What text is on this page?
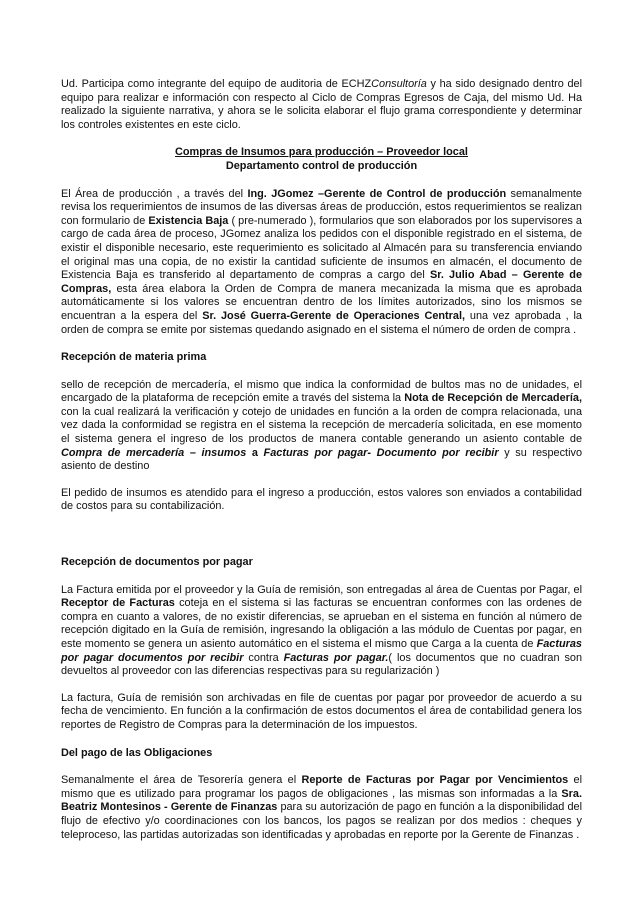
Ud. Participa como integrante del equipo de auditoria de ECHZConsultoría y ha sido designado dentro del equipo para realizar e información con respecto al Ciclo de Compras Egresos de Caja, del mismo Ud. Ha realizado la siguiente narrativa, y ahora se le solicita elaborar el flujo grama correspondiente y determinar los controles existentes en este ciclo.

Compras de Insumos para producción – Proveedor local
Departamento control de producción

El Área de producción , a través del Ing. JGomez –Gerente de Control de producción semanalmente revisa los requerimientos de insumos de las diversas áreas de producción, estos requerimientos se realizan con formulario de Existencia Baja ( pre-numerado ), formularios que son elaborados por los supervisores a cargo de cada área de proceso, JGomez analiza los pedidos con el disponible registrado en el sistema, de existir el disponible necesario, este requerimiento es solicitado al Almacén para su transferencia enviando el original mas una copia, de no existir la cantidad suficiente de insumos en almacén, el documento de Existencia Baja es transferido al departamento de compras a cargo del Sr. Julio Abad – Gerente de Compras, esta área elabora la Orden de Compra de manera mecanizada la misma que es aprobada automáticamente si los valores se encuentran dentro de los límites autorizados, sino los mismos se encuentran a la espera del Sr. José Guerra-Gerente de Operaciones Central, una vez aprobada , la orden de compra se emite por sistemas quedando asignado en el sistema el número de orden de compra .

Recepción de materia prima

sello de recepción de mercadería, el mismo que indica la conformidad de bultos mas no de unidades, el encargado de la plataforma de recepción emite a través del sistema la Nota de Recepción de Mercadería, con la cual realizará la verificación y cotejo de unidades en función a la orden de compra relacionada, una vez dada la conformidad se registra en el sistema la recepción de mercadería solicitada, en ese momento el sistema genera el ingreso de los productos de manera contable generando un asiento contable de Compra de mercadería – insumos a Facturas por pagar- Documento por recibir y su respectivo asiento de destino

El pedido de insumos es atendido para el ingreso a producción, estos valores son enviados a contabilidad de costos para su contabilización.

Recepción de documentos por pagar

La Factura emitida por el proveedor y la Guía de remisión, son entregadas al área de Cuentas por Pagar, el Receptor de Facturas coteja en el sistema si las facturas se encuentran conformes con las ordenes de compra en cuanto a valores, de no existir diferencias, se aprueban en el sistema en función al número de recepción digitado en la Guía de remisión, ingresando la obligación a las módulo de Cuentas por pagar, en este momento se genera un asiento automático en el sistema el mismo que Carga a la cuenta de Facturas por pagar documentos por recibir contra Facturas por pagar.( los documentos que no cuadran son devueltos al proveedor con las diferencias respectivas para su regularización )

La factura, Guía de remisión son archivadas en file de cuentas por pagar por proveedor de acuerdo a su fecha de vencimiento. En función a la confirmación de estos documentos el área de contabilidad genera los reportes de Registro de Compras para la determinación de los impuestos.

Del pago de las Obligaciones

Semanalmente el área de Tesorería genera el Reporte de Facturas por Pagar por Vencimientos el mismo que es utilizado para programar los pagos de obligaciones , las mismas son informadas a la Sra. Beatriz Montesinos - Gerente de Finanzas para su autorización de pago en función a la disponibilidad del flujo de efectivo y/o coordinaciones con los bancos, los pagos se realizan por dos medios : cheques y teleproceso, las partidas autorizadas son identificadas y aprobadas en reporte por la Gerente de Finanzas .
